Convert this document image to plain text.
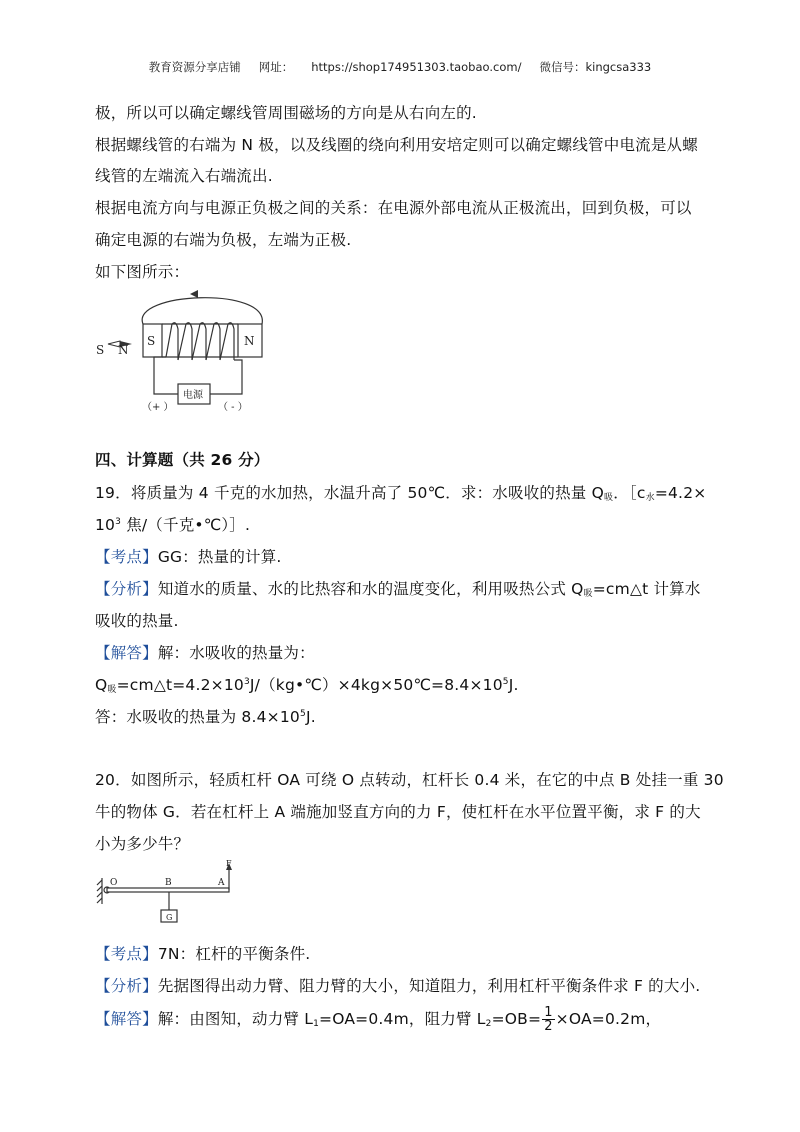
教育资源分享店铺 网址： https://shop174951303.taobao.com/ 微信号：kingcsa333
极，所以可以确定螺线管周围磁场的方向是从右向左的.
根据螺线管的右端为 N 极，以及线圈的绕向利用安培定则可以确定螺线管中电流是从螺
线管的左端流入右端流出.
根据电流方向与电源正负极之间的关系：在电源外部电流从正极流出，回到负极，可以
确定电源的右端为负极，左端为正极.
如下图所示：
S	N
S N
电源
（+ ）	（ - ）
四、计算题（共 26 分）
19．将质量为 4 千克的水加热，水温升高了 50℃．求：水吸收的热量 $Q_吸$．$[c_水=4.2\times$
$10^3$ 焦/（千克•℃）］.
【考点】GG：热量的计算.
【分析】知道水的质量、水的比热容和水的温度变化，利用吸热公式 $Q_吸=cm\triangle t$ 计算水
吸收的热量.
【解答】解：水吸收的热量为：
$Q_吸=cm\triangle t=4.2\times 10^3J/(kg•℃)\times 4kg\times 50℃=8.4\times 10^5J$.
答：水吸收的热量为 $8.4\times 10^5J$.
20．如图所示，轻质杠杆 OA 可绕 O 点转动，杠杆长 0.4 米，在它的中点 B 处挂一重 30
牛的物体 G．若在杠杆上 A 端施加竖直方向的力 F，使杠杆在水平位置平衡，求 F 的大
小为多少牛？
O	B	A
F
G
【考点】7N：杠杆的平衡条件.
【分析】先据图得出动力臂、阻力臂的大小，知道阻力，利用杠杆平衡条件求 F 的大小.
【解答】解：由图知，动力臂 $L_1=OA=0.4m$，阻力臂 $L_2=OB= \frac{1}{2} \times OA=0.2m$，
